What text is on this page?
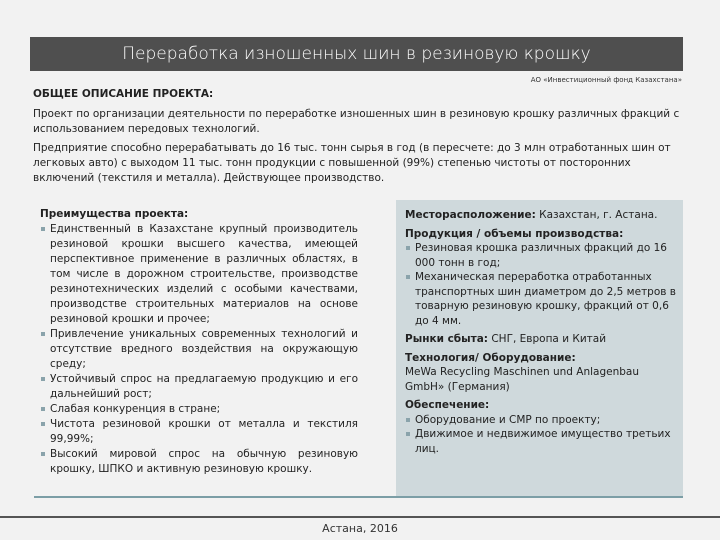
Переработка изношенных шин в резиновую крошку
АО «Инвестиционный фонд Казахстана»
ОБЩЕЕ ОПИСАНИЕ ПРОЕКТА:
Проект по организации деятельности по переработке изношенных шин в резиновую крошку различных фракций с использованием передовых технологий.
Предприятие способно перерабатывать до 16 тыс. тонн сырья в год (в пересчете: до 3 млн отработанных шин от легковых авто) с выходом 11 тыс. тонн продукции с повышенной (99%) степенью чистоты от посторонних включений (текстиля и металла). Действующее производство.
Преимущества проекта:
Единственный в Казахстане крупный производитель резиновой крошки высшего качества, имеющей перспективное применение в различных областях, в том числе в дорожном строительстве, производстве резинотехнических изделий с особыми качествами, производстве строительных материалов на основе резиновой крошки и прочее;
Привлечение уникальных современных технологий и отсутствие вредного воздействия на окружающую среду;
Устойчивый спрос на предлагаемую продукцию и его дальнейший рост;
Слабая конкуренция в стране;
Чистота резиновой крошки от металла и текстиля 99,99%;
Высокий мировой спрос на обычную резиновую крошку, ШПКО и активную резиновую крошку.
Месторасположение: Казахстан, г. Астана.
Продукция / объемы производства:
Резиновая крошка различных фракций до 16 000 тонн в год;
Механическая переработка отработанных транспортных шин диаметром до 2,5 метров в товарную резиновую крошку, фракций от 0,6 до 4 мм.
Рынки сбыта: СНГ, Европа и Китай
Технология/ Оборудование:
MeWa Recycling Maschinen und Anlagenbau GmbH» (Германия)
Обеспечение:
Оборудование и СМР по проекту;
Движимое и недвижимое имущество третьих лиц.
Астана, 2016
